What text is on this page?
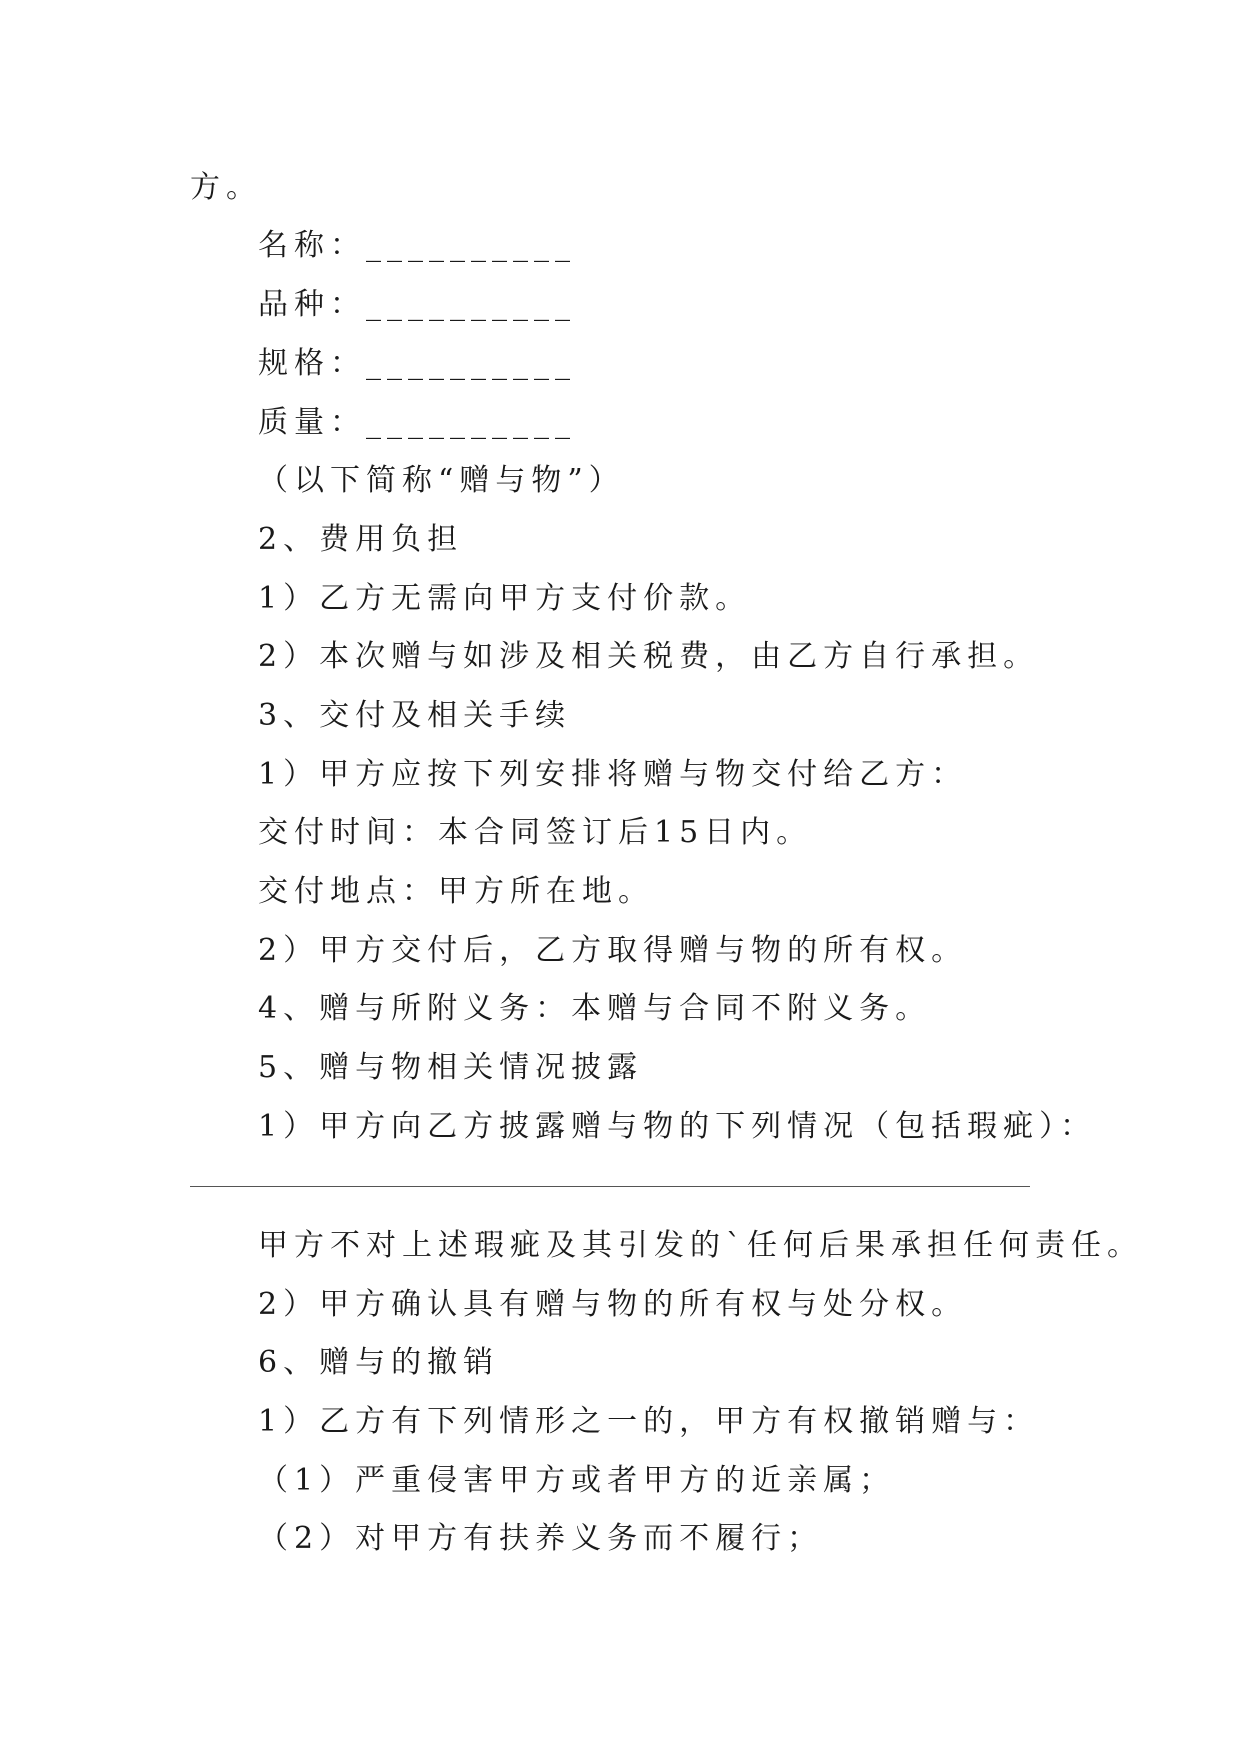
方。
名称：__________
品种：__________
规格：__________
质量：__________
（以下简称“赠与物”）
2、费用负担
1）乙方无需向甲方支付价款。
2）本次赠与如涉及相关税费，由乙方自行承担。
3、交付及相关手续
1）甲方应按下列安排将赠与物交付给乙方：
交付时间：本合同签订后15日内。
交付地点：甲方所在地。
2）甲方交付后，乙方取得赠与物的所有权。
4、赠与所附义务：本赠与合同不附义务。
5、赠与物相关情况披露
1）甲方向乙方披露赠与物的下列情况（包括瑕疵）：
甲方不对上述瑕疵及其引发的`任何后果承担任何责任。
2）甲方确认具有赠与物的所有权与处分权。
6、赠与的撤销
1）乙方有下列情形之一的，甲方有权撤销赠与：
（1）严重侵害甲方或者甲方的近亲属；
（2）对甲方有扶养义务而不履行；
